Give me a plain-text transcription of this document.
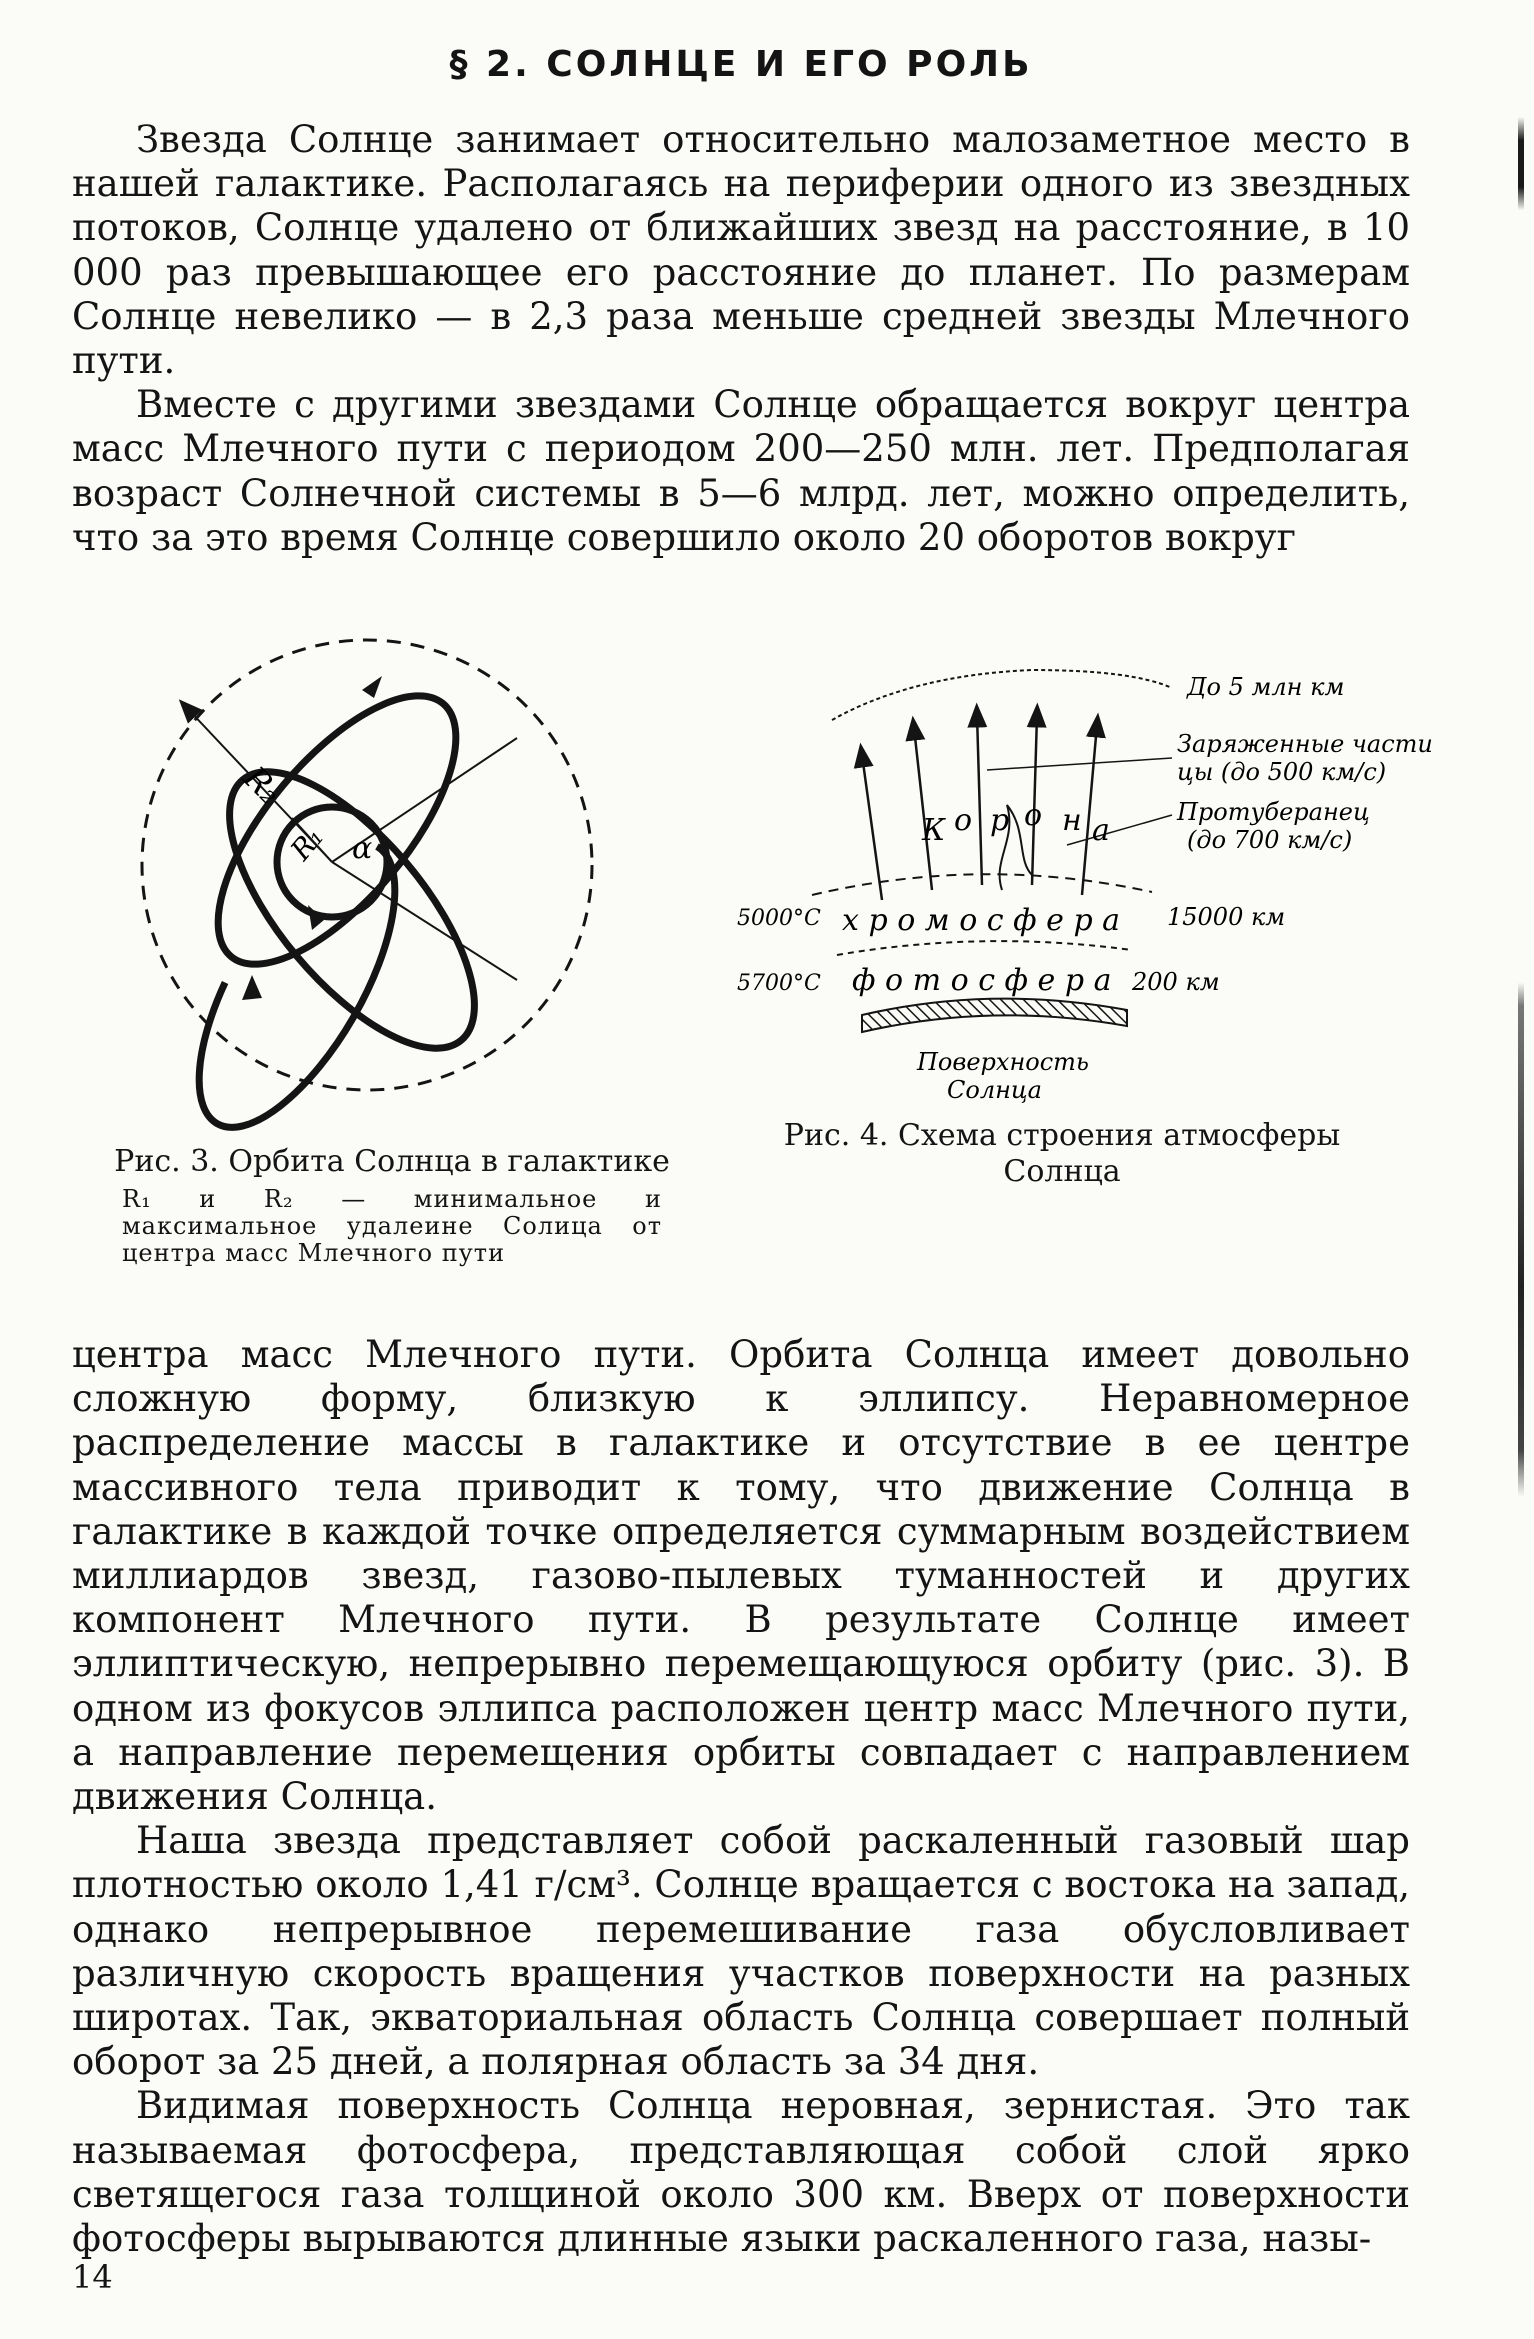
§ 2. СОЛНЦЕ И ЕГО РОЛЬ

Звезда Солнце занимает относительно малозаметное место в нашей галактике. Располагаясь на периферии одного из звездных потоков, Солнце удалено от ближайших звезд на расстояние, в 10 000 раз превышающее его расстояние до планет. По размерам Солнце невелико — в 2,3 раза меньше средней звезды Млечного пути.

Вместе с другими звездами Солнце обращается вокруг центра масс Млечного пути с периодом 200—250 млн. лет. Предполагая возраст Солнечной системы в 5—6 млрд. лет, можно определить, что за это время Солнце совершило около 20 оборотов вокруг

R₂
R₁ α
Рис. 3. Орбита Солнца в галактике
R₁ и R₂ — минимальное и максимальное удалеине Солица от центра масс Млечного пути
До 5 млн км
Заряженные части цы (до 500 км/с)
Протуберанец (до 700 км/с)
К о р о н а
5000°С х р о м о с ф е р а 15000 км
5700°С ф о т о с ф е р а 200 км
Поверхность
Солнца
Рис. 4. Схема строения атмосферы Солнца

центра масс Млечного пути. Орбита Солнца имеет довольно сложную форму, близкую к эллипсу. Неравномерное распределение массы в галактике и отсутствие в ее центре массивного тела приводит к тому, что движение Солнца в галактике в каждой точке определяется суммарным воздействием миллиардов звезд, газово-пылевых туманностей и других компонент Млечного пути. В результате Солнце имеет эллиптическую, непрерывно перемещающуюся орбиту (рис. 3). В одном из фокусов эллипса расположен центр масс Млечного пути, а направление перемещения орбиты совпадает с направлением движения Солнца.

Наша звезда представляет собой раскаленный газовый шар плотностью около 1,41 г/см³. Солнце вращается с востока на запад, однако непрерывное перемешивание газа обусловливает различную скорость вращения участков поверхности на разных широтах. Так, экваториальная область Солнца совершает полный оборот за 25 дней, а полярная область за 34 дня.

Видимая поверхность Солнца неровная, зернистая. Это так называемая фотосфера, представляющая собой слой ярко светящегося газа толщиной около 300 км. Вверх от поверхности фотосферы вырываются длинные языки раскаленного газа, назы-

14
